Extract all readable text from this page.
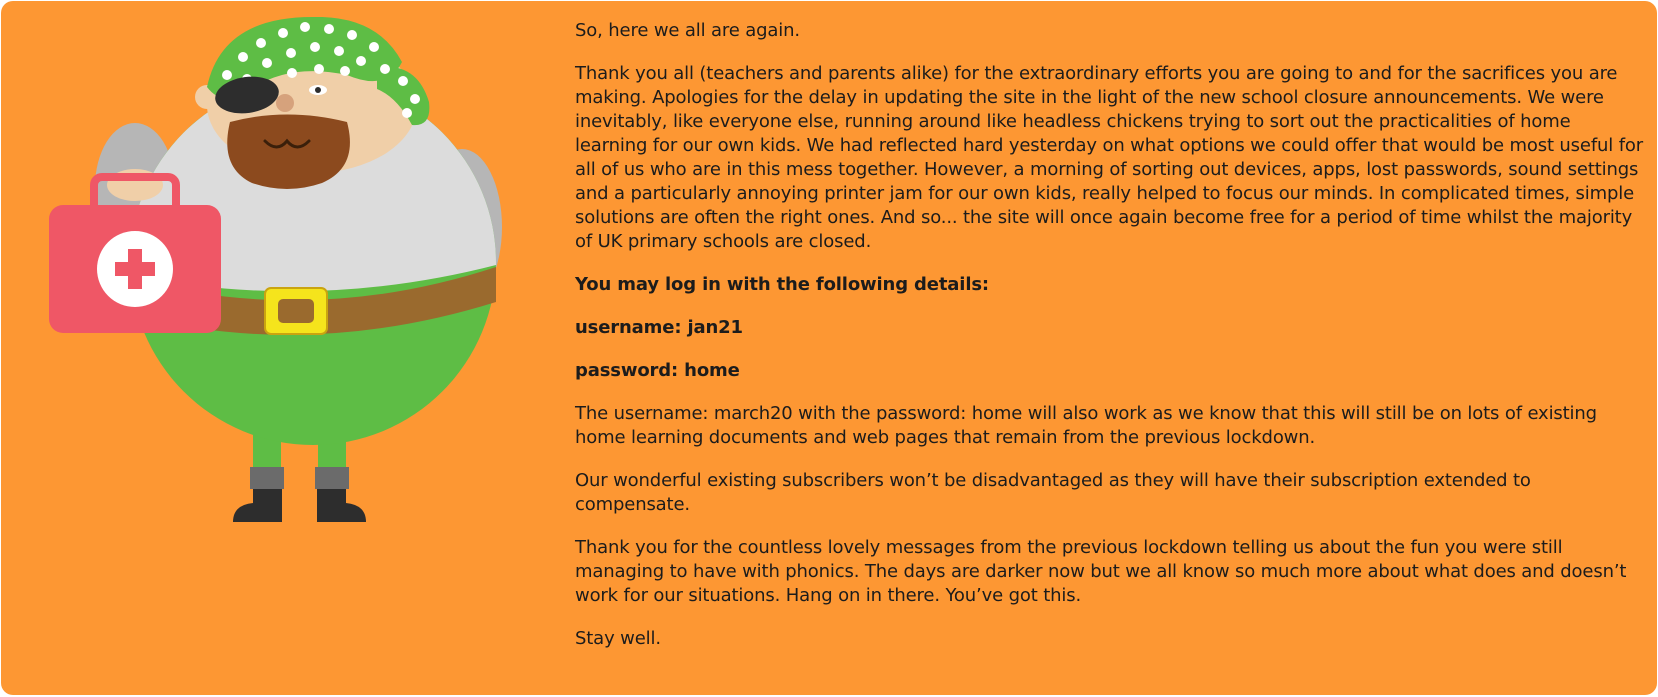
So, here we all are again.

Thank you all (teachers and parents alike) for the extraordinary efforts you are going to and for the sacrifices you are making. Apologies for the delay in updating the site in the light of the new school closure announcements. We were inevitably, like everyone else, running around like headless chickens trying to sort out the practicalities of home learning for our own kids. We had reflected hard yesterday on what options we could offer that would be most useful for all of us who are in this mess together. However, a morning of sorting out devices, apps, lost passwords, sound settings and a particularly annoying printer jam for our own kids, really helped to focus our minds. In complicated times, simple solutions are often the right ones. And so... the site will once again become free for a period of time whilst the majority of UK primary schools are closed.

You may log in with the following details:

username: jan21

password: home

The username: march20 with the password: home will also work as we know that this will still be on lots of existing home learning documents and web pages that remain from the previous lockdown.

Our wonderful existing subscribers won’t be disadvantaged as they will have their subscription extended to compensate.

Thank you for the countless lovely messages from the previous lockdown telling us about the fun you were still managing to have with phonics. The days are darker now but we all know so much more about what does and doesn’t work for our situations. Hang on in there. You’ve got this.

Stay well.
